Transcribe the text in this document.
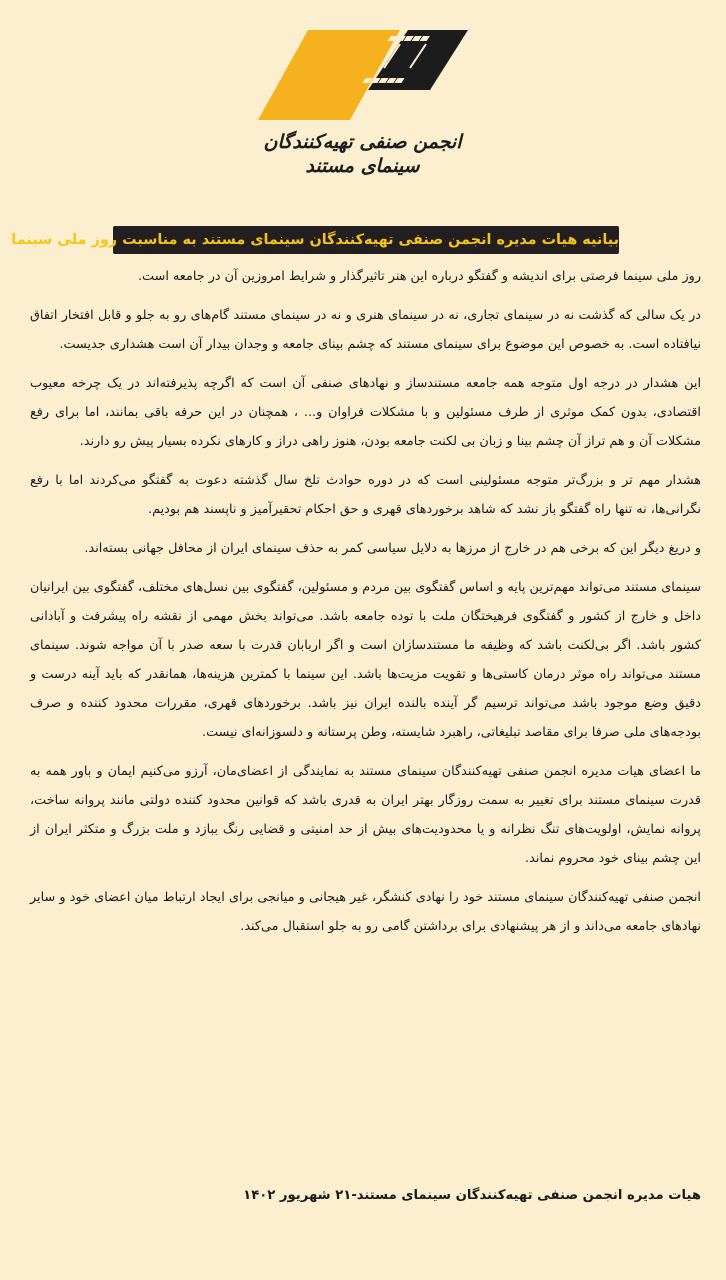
انجمن صنفی تهیه‌کنندگان سینمای مستند
بیانیه هیات مدیره انجمن صنفی تهیه‌کنندگان سینمای مستند به مناسبت روز ملی سینما

روز ملی سینما فرصتی برای اندیشه و گفتگو درباره این هنر تاثیرگذار و شرایط امروزین آن در جامعه است.

در یک سالی که گذشت نه در سینمای تجاری، نه در سینمای هنری و نه در سینمای مستند گام‌های رو به جلو و قابل افتخار اتفاق نیافتاده است. به خصوص این موضوع برای سینمای مستند که چشم بینای جامعه و وجدان بیدار آن است هشداری جدیست.

این هشدار در درجه اول متوجه همه جامعه مستندساز و نهادهای صنفی آن است که اگرچه پذیرفته‌اند در یک چرخه معیوب اقتصادی، بدون کمک موثری از طرف مسئولین و با مشکلات فراوان و... ، همچنان در این حرفه باقی بمانند، اما برای رفع مشکلات آن و هم تراز آن چشم بینا و زبان بی لکنت جامعه بودن، هنوز راهی دراز و کارهای نکرده بسیار پیش رو دارند.

هشدار مهم تر و بزرگ‌تر متوجه مسئولینی است که در دوره حوادث تلخ سال گذشته دعوت به گفتگو می‌کردند اما با رفع نگرانی‌ها، نه تنها راه گفتگو باز نشد که شاهد برخوردهای قهری و حق احکام تحقیرآمیز و ناپسند هم بودیم.

و دریغ دیگر این که برخی هم در خارج از مرزها به دلایل سیاسی کمر به حذف سینمای ایران از محافل جهانی بسته‌اند.

سینمای مستند می‌تواند مهم‌ترین پایه و اساس گفتگوی بین مردم و مسئولین، گفتگوی بین نسل‌های مختلف، گفتگوی بین ایرانیان داخل و خارج از کشور و گفتگوی فرهیختگان ملت با توده جامعه باشد. می‌تواند بخش مهمی از نقشه راه پیشرفت و آبادانی کشور باشد. اگر بی‌لکنت باشد که وظیفه ما مستندسازان است و اگر اربابان قدرت با سعه صدر با آن مواجه شوند. سینمای مستند می‌تواند راه موثر درمان کاستی‌ها و تقویت مزیت‌ها باشد. این سینما با کمترین هزینه‌ها، همانقدر که باید آینه درست و دقیق وضع موجود باشد می‌تواند ترسیم گر آینده بالنده ایران نیز باشد. برخوردهای قهری، مقررات محدود کننده و صرف بودجه‌های ملی صرفا برای مقاصد تبلیغاتی، راهبرد شایسته، وطن پرستانه و دلسوزانه‌ای نیست.

ما اعضای هیات مدیره انجمن صنفی تهیه‌کنندگان سینمای مستند به نمایندگی از اعضای‌مان، آرزو می‌کنیم ایمان و باور همه به قدرت سینمای مستند برای تغییر به سمت روزگار بهتر ایران به قدری باشد که قوانین محدود کننده دولتی مانند پروانه ساخت، پروانه نمایش، اولویت‌های تنگ نظرانه و یا محدودیت‌های بیش از حد امنیتی و قضایی رنگ ببازد و ملت بزرگ و متکثر ایران از این چشم بینای خود محروم نماند.

انجمن صنفی تهیه‌کنندگان سینمای مستند خود را نهادی کنشگر، غیر هیجانی و میانجی برای ایجاد ارتباط میان اعضای خود و سایر نهادهای جامعه می‌داند و از هر پیشنهادی برای برداشتن گامی رو به جلو استقبال می‌کند.

هیات مدیره انجمن صنفی تهیه‌کنندگان سینمای مستند-۲۱ شهریور ۱۴۰۲
